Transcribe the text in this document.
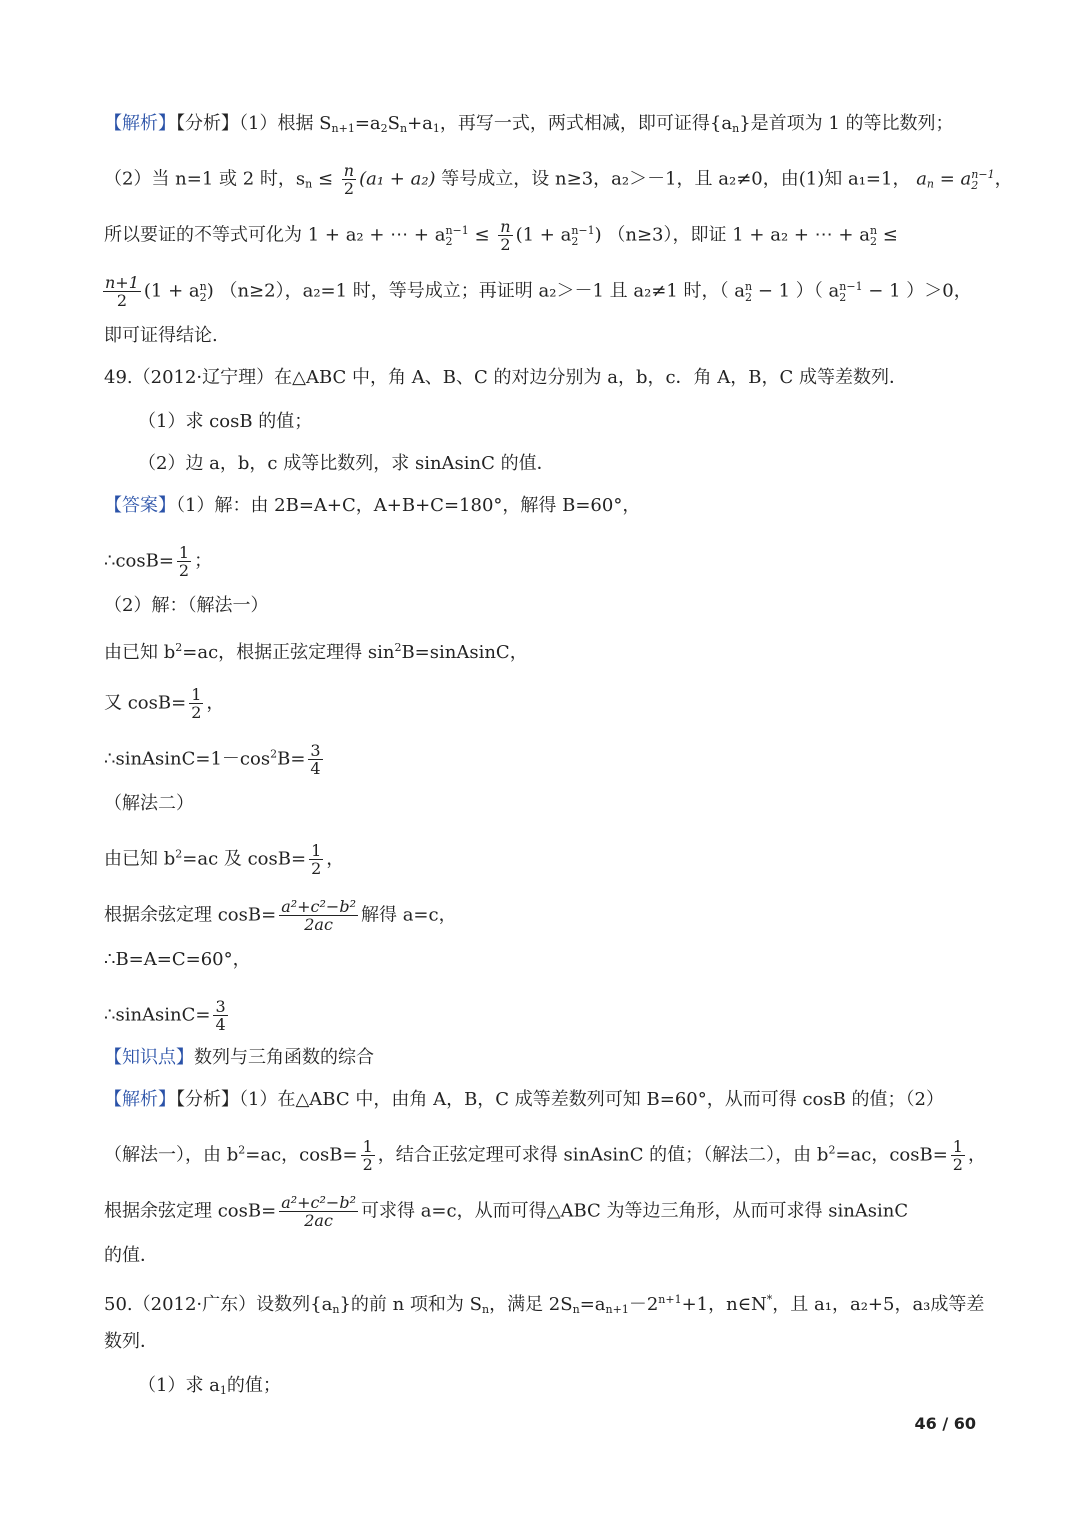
【解析】【分析】（1）根据 $S_{n+1}=a_2S_n+a_1$，再写一式，两式相减，即可证得$\{a_n\}$是首项为 1 的等比数列；
（2）当 n=1 或 2 时，$s_n \le \frac{n}{2} (a_1 + a_2)$ 等号成立，设 n≥3，a₂＞－1，且 a₂≠0，由(1)知 a₁=1， $a_n = a$ n−1
2 ，
所以要证的不等式可化为 1 + a₂ + ⋯ + a n−1
$2 \le \frac{n}{2} (1 + a$ n−1
2 ) （n≥3），即证 1 + a₂ + ⋯ + a n
2 ≤
$\frac{n+1}{2} (1 + a$ n
2 ) （n≥2），a₂=1 时，等号成立；再证明 a₂＞－1 且 a₂≠1 时，（ a n
2 − 1 ）（ a n−1
2 − 1 ）＞0，
即可证得结论.
49.（2012·辽宁理）在△ABC 中，角 A、B、C 的对边分别为 a，b，c．角 A，B，C 成等差数列．
（1）求 cosB 的值；
（2）边 a，b，c 成等比数列，求 sinAsinC 的值．
【答案】（1）解：由 2B=A+C，A+B+C=180°，解得 B=60°，
∴cosB= $\frac{1}{2}$ ；
（2）解：（解法一）
由已知 $b^2=ac$，根据正弦定理得 $\sin^2B=sinAsinC$，
又 $\cos B= \frac{1}{2}$ ，
$\therefore sinAsinC=1-\cos^2B= \frac{3}{4}$
（解法二）
由已知 $b^2=ac$ 及 $\cos B= \frac{1}{2}$ ，
根据余弦定理 $\cos B= \frac{\text{a²+c²−b²}}{2ac}$ 解得 a=c，
∴B=A=C=60°，
∴sinAsinC= $\frac{3}{4}$
【知识点】数列与三角函数的综合
【解析】【分析】（1）在△ABC 中，由角 A，B，C 成等差数列可知 B=60°，从而可得 cosB 的值；（2）
（解法一），由 $b^2=ac$，$\cos B= \frac{1}{2}$ ，结合正弦定理可求得 sinAsinC 的值；（解法二），由 $b^2=ac$，$\cos B= \frac{1}{2}$ ，
根据余弦定理 $\cos B= \frac{\text{a²+c²−b²}}{2ac}$ 可求得 a=c，从而可得△ABC 为等边三角形，从而可求得 sinAsinC
的值．
50.（2012·广东）设数列$\{a_n\}$的前 n 项和为 $S_n$，满足 $2S_n=a_{n+1}-2^{n+1}+1$，n∈N*，且 a₁，a₂+5，a₃成等差
数列．
（1）求 $a_1$的值；
46 / 60
